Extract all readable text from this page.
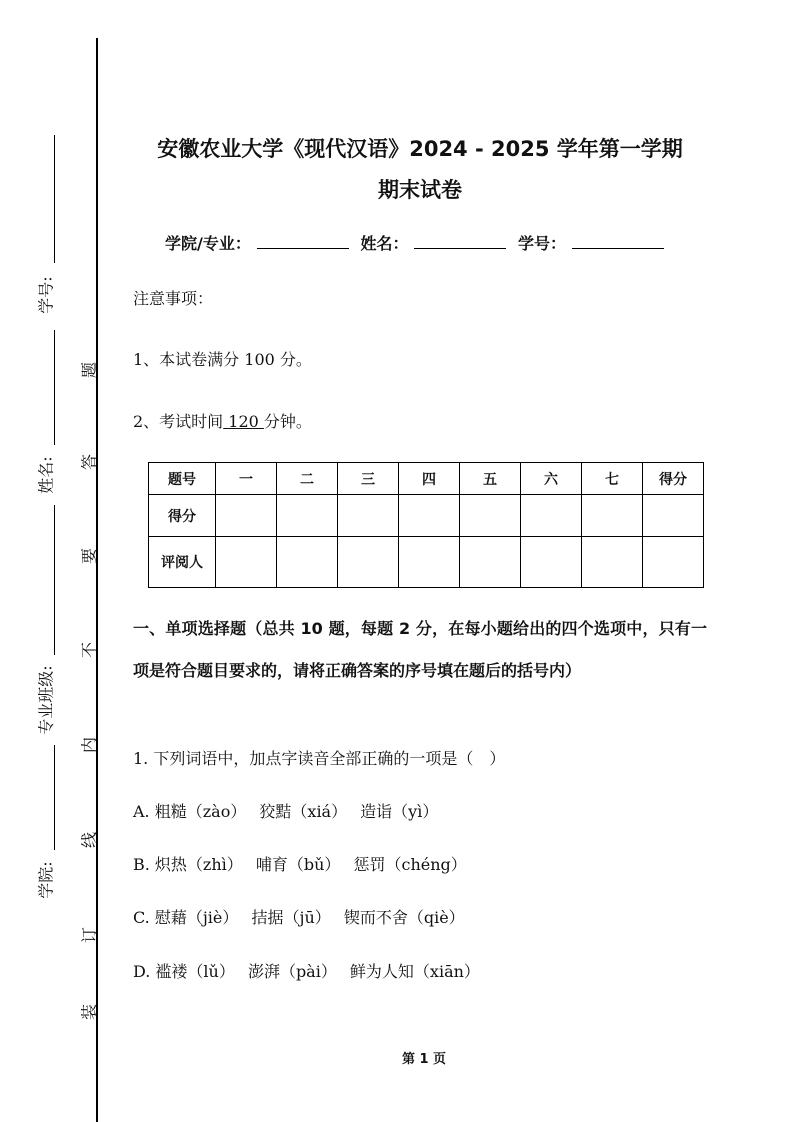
学号:
姓名:
专业班级:
学院:
题
答
要
不
内
线
订
装
安徽农业大学《现代汉语》2024 - 2025 学年第一学期
期末试卷
学院/专业：	姓名：	学号：
注意事项：
1、本试卷满分 100 分。
2、考试时间 120 分钟。
题号	一	二	三	四	五	六	七	得分
得分								
评阅人								
一、单项选择题（总共 10 题，每题 2 分，在每小题给出的四个选项中，只有一项是符合题目要求的，请将正确答案的序号填在题后的括号内）
1. 下列词语中，加点字读音全部正确的一项是（　）
A. 粗糙（zào）　 狡黠（xiá）　 造诣（yì）
B. 炽热（zhì）　 哺育（bǔ）　 惩罚（chéng）
C. 慰藉（jiè）　 拮据（jū）　 锲而不舍（qiè）
D. 褴褛（lǔ）　 澎湃（pài）　 鲜为人知（xiān）
第 1 页
